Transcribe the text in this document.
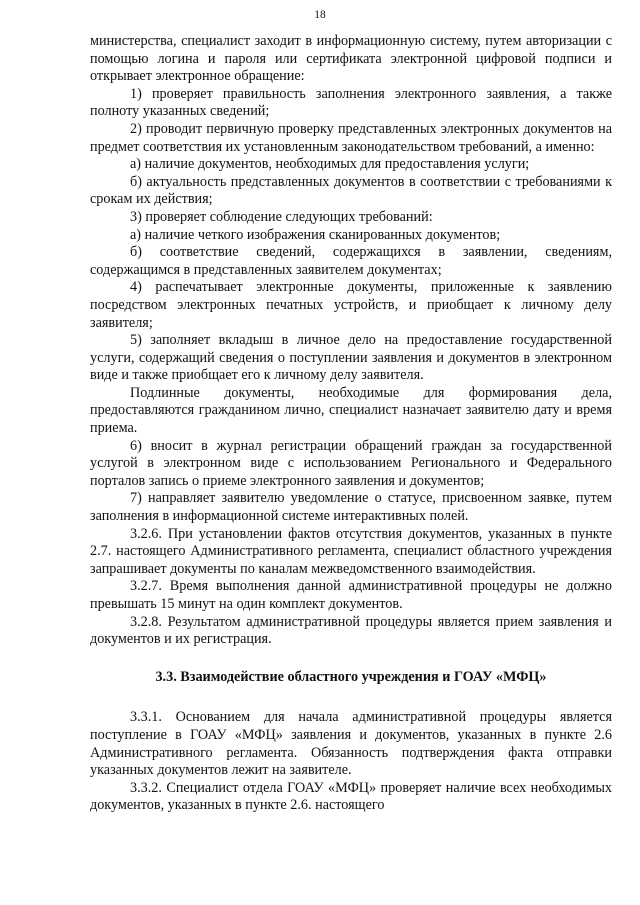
18

министерства, специалист заходит в информационную систему, путем авторизации с помощью логина и пароля или сертификата электронной цифровой подписи и открывает электронное обращение:

1) проверяет правильность заполнения электронного заявления, а также полноту указанных сведений;

2) проводит первичную проверку представленных электронных документов на предмет соответствия их установленным законодательством требований, а именно:

а) наличие документов, необходимых для предоставления услуги;

б) актуальность представленных документов в соответствии с требованиями к срокам их действия;

3) проверяет соблюдение следующих требований:

а) наличие четкого изображения сканированных документов;

б) соответствие сведений, содержащихся в заявлении, сведениям, содержащимся в представленных заявителем документах;

4) распечатывает электронные документы, приложенные к заявлению посредством электронных печатных устройств, и приобщает к личному делу заявителя;

5) заполняет вкладыш в личное дело на предоставление государственной услуги, содержащий сведения о поступлении заявления и документов в электронном виде и также приобщает его к личному делу заявителя.

Подлинные документы, необходимые для формирования дела, предоставляются гражданином лично, специалист назначает заявителю дату и время приема.

6) вносит в журнал регистрации обращений граждан за государственной услугой в электронном виде с использованием Регионального и Федерального порталов запись о приеме электронного заявления и документов;

7) направляет заявителю уведомление о статусе, присвоенном заявке, путем заполнения в информационной системе интерактивных полей.

3.2.6. При установлении фактов отсутствия документов, указанных в пункте 2.7. настоящего Административного регламента, специалист областного учреждения запрашивает документы по каналам межведомственного взаимодействия.

3.2.7. Время выполнения данной административной процедуры не должно превышать 15 минут на один комплект документов.

3.2.8. Результатом административной процедуры является прием заявления и документов и их регистрация.

3.3. Взаимодействие областного учреждения и ГОАУ «МФЦ»

3.3.1. Основанием для начала административной процедуры является поступление в ГОАУ «МФЦ» заявления и документов, указанных в пункте 2.6 Административного регламента. Обязанность подтверждения факта отправки указанных документов лежит на заявителе.

3.3.2. Специалист отдела ГОАУ «МФЦ» проверяет наличие всех необходимых документов, указанных в пункте 2.6. настоящего
